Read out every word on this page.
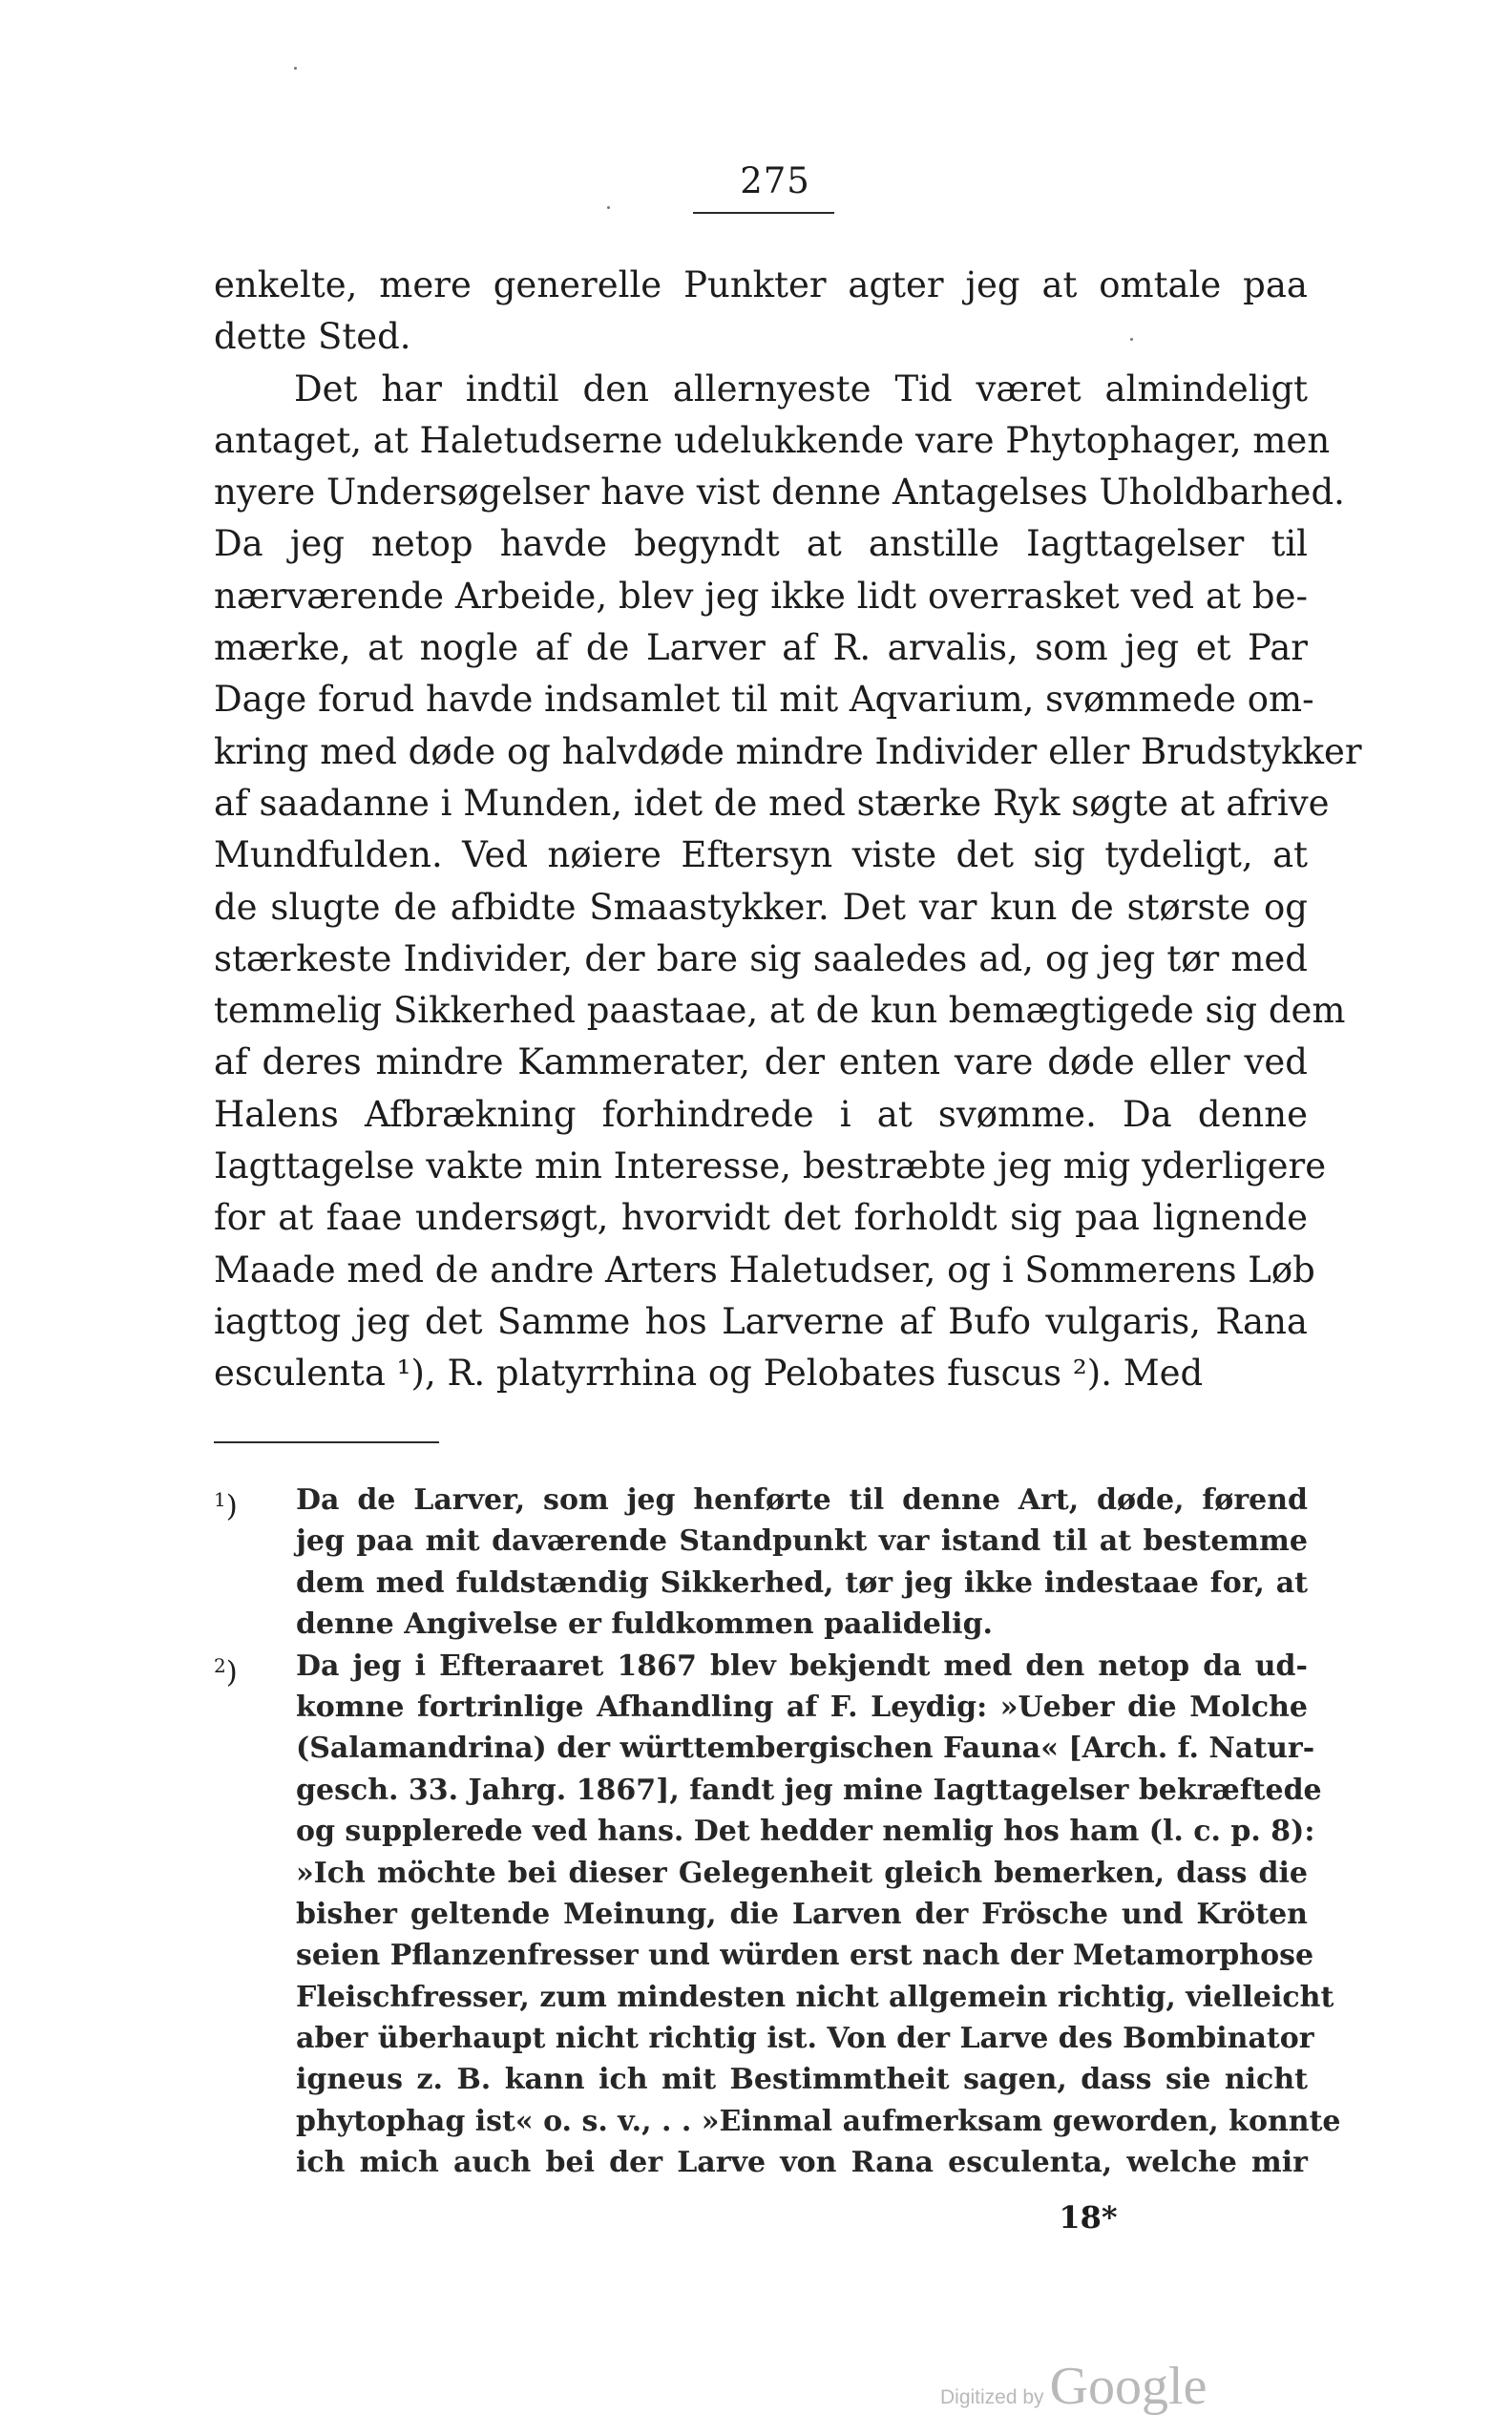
275
enkelte, mere generelle Punkter agter jeg at omtale paa
dette Sted.
Det har indtil den allernyeste Tid været almindeligt
antaget, at Haletudserne udelukkende vare Phytophager, men
nyere Undersøgelser have vist denne Antagelses Uholdbarhed.
Da jeg netop havde begyndt at anstille Iagttagelser til
nærværende Arbeide, blev jeg ikke lidt overrasket ved at be-
mærke, at nogle af de Larver af R. arvalis, som jeg et Par
Dage forud havde indsamlet til mit Aqvarium, svømmede om-
kring med døde og halvdøde mindre Individer eller Brudstykker
af saadanne i Munden, idet de med stærke Ryk søgte at afrive
Mundfulden. Ved nøiere Eftersyn viste det sig tydeligt, at
de slugte de afbidte Smaastykker. Det var kun de største og
stærkeste Individer, der bare sig saaledes ad, og jeg tør med
temmelig Sikkerhed paastaae, at de kun bemægtigede sig dem
af deres mindre Kammerater, der enten vare døde eller ved
Halens Afbrækning forhindrede i at svømme. Da denne
Iagttagelse vakte min Interesse, bestræbte jeg mig yderligere
for at faae undersøgt, hvorvidt det forholdt sig paa lignende
Maade med de andre Arters Haletudser, og i Sommerens Løb
iagttog jeg det Samme hos Larverne af Bufo vulgaris, Rana
esculenta ¹), R. platyrrhina og Pelobates fuscus ²). Med
$^1$) Da de Larver, som jeg henførte til denne Art, døde, førend
jeg paa mit daværende Standpunkt var istand til at bestemme
dem med fuldstændig Sikkerhed, tør jeg ikke indestaae for, at
denne Angivelse er fuldkommen paalidelig.
$^2$) Da jeg i Efteraaret 1867 blev bekjendt med den netop da ud-
komne fortrinlige Afhandling af F. Leydig: »Ueber die Molche
(Salamandrina) der württembergischen Fauna« [Arch. f. Natur-
gesch. 33. Jahrg. 1867], fandt jeg mine Iagttagelser bekræftede
og supplerede ved hans. Det hedder nemlig hos ham (l. c. p. 8):
»Ich möchte bei dieser Gelegenheit gleich bemerken, dass die
bisher geltende Meinung, die Larven der Frösche und Kröten
seien Pflanzenfresser und würden erst nach der Metamorphose
Fleischfresser, zum mindesten nicht allgemein richtig, vielleicht
aber überhaupt nicht richtig ist. Von der Larve des Bombinator
igneus z. B. kann ich mit Bestimmtheit sagen, dass sie nicht
phytophag ist« o. s. v., . . »Einmal aufmerksam geworden, konnte
ich mich auch bei der Larve von Rana esculenta, welche mir
18*
Digitized by Google
